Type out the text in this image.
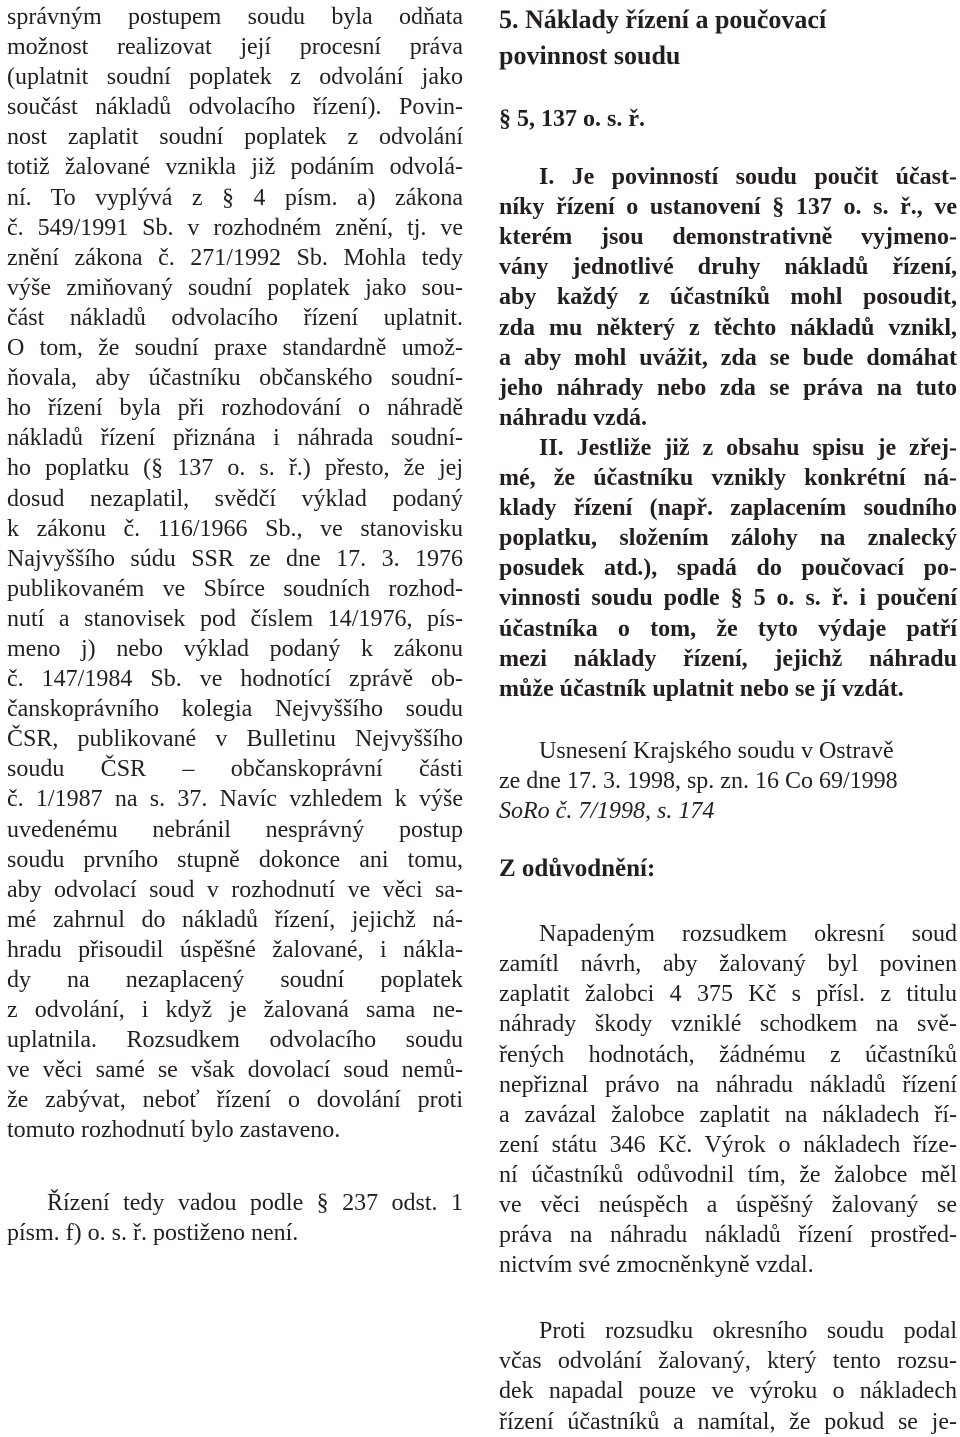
správným postupem soudu byla odňata
možnost realizovat její procesní práva
(uplatnit soudní poplatek z odvolání jako
součást nákladů odvolacího řízení). Povin-
nost zaplatit soudní poplatek z odvolání
totiž žalované vznikla již podáním odvolá-
ní. To vyplývá z § 4 písm. a) zákona
č. 549/1991 Sb. v rozhodném znění, tj. ve
znění zákona č. 271/1992 Sb. Mohla tedy
výše zmiňovaný soudní poplatek jako sou-
část nákladů odvolacího řízení uplatnit.
O tom, že soudní praxe standardně umož-
ňovala, aby účastníku občanského soudní-
ho řízení byla při rozhodování o náhradě
nákladů řízení přiznána i náhrada soudní-
ho poplatku (§ 137 o. s. ř.) přesto, že jej
dosud nezaplatil, svědčí výklad podaný
k zákonu č. 116/1966 Sb., ve stanovisku
Najvyššího súdu SSR ze dne 17. 3. 1976
publikovaném ve Sbírce soudních rozhod-
nutí a stanovisek pod číslem 14/1976, pís-
meno j) nebo výklad podaný k zákonu
č. 147/1984 Sb. ve hodnotící zprávě ob-
čanskoprávního kolegia Nejvyššího soudu
ČSR, publikované v Bulletinu Nejvyššího
soudu ČSR – občanskoprávní části
č. 1/1987 na s. 37. Navíc vzhledem k výše
uvedenému nebránil nesprávný postup
soudu prvního stupně dokonce ani tomu,
aby odvolací soud v rozhodnutí ve věci sa-
mé zahrnul do nákladů řízení, jejichž ná-
hradu přisoudil úspěšné žalované, i nákla-
dy na nezaplacený soudní poplatek
z odvolání, i když je žalovaná sama ne-
uplatnila. Rozsudkem odvolacího soudu
ve věci samé se však dovolací soud nemů-
že zabývat, neboť řízení o dovolání proti
tomuto rozhodnutí bylo zastaveno.
Řízení tedy vadou podle § 237 odst. 1
písm. f) o. s. ř. postiženo není.
5. Náklady řízení a poučovací
povinnost soudu
§ 5, 137 o. s. ř.
I. Je povinností soudu poučit účast-
níky řízení o ustanovení § 137 o. s. ř., ve
kterém jsou demonstrativně vyjmeno-
vány jednotlivé druhy nákladů řízení,
aby každý z účastníků mohl posoudit,
zda mu některý z těchto nákladů vznikl,
a aby mohl uvážit, zda se bude domáhat
jeho náhrady nebo zda se práva na tuto
náhradu vzdá.
II. Jestliže již z obsahu spisu je zřej-
mé, že účastníku vznikly konkrétní ná-
klady řízení (např. zaplacením soudního
poplatku, složením zálohy na znalecký
posudek atd.), spadá do poučovací po-
vinnosti soudu podle § 5 o. s. ř. i poučení
účastníka o tom, že tyto výdaje patří
mezi náklady řízení, jejichž náhradu
může účastník uplatnit nebo se jí vzdát.
Usnesení Krajského soudu v Ostravě
ze dne 17. 3. 1998, sp. zn. 16 Co 69/1998
SoRo č. 7/1998, s. 174
Z odůvodnění:
Napadeným rozsudkem okresní soud
zamítl návrh, aby žalovaný byl povinen
zaplatit žalobci 4 375 Kč s přísl. z titulu
náhrady škody vzniklé schodkem na svě-
řených hodnotách, žádnému z účastníků
nepřiznal právo na náhradu nákladů řízení
a zavázal žalobce zaplatit na nákladech ří-
zení státu 346 Kč. Výrok o nákladech říze-
ní účastníků odůvodnil tím, že žalobce měl
ve věci neúspěch a úspěšný žalovaný se
práva na náhradu nákladů řízení prostřed-
nictvím své zmocněnkyně vzdal.
Proti rozsudku okresního soudu podal
včas odvolání žalovaný, který tento rozsu-
dek napadal pouze ve výroku o nákladech
řízení účastníků a namítal, že pokud se je-
